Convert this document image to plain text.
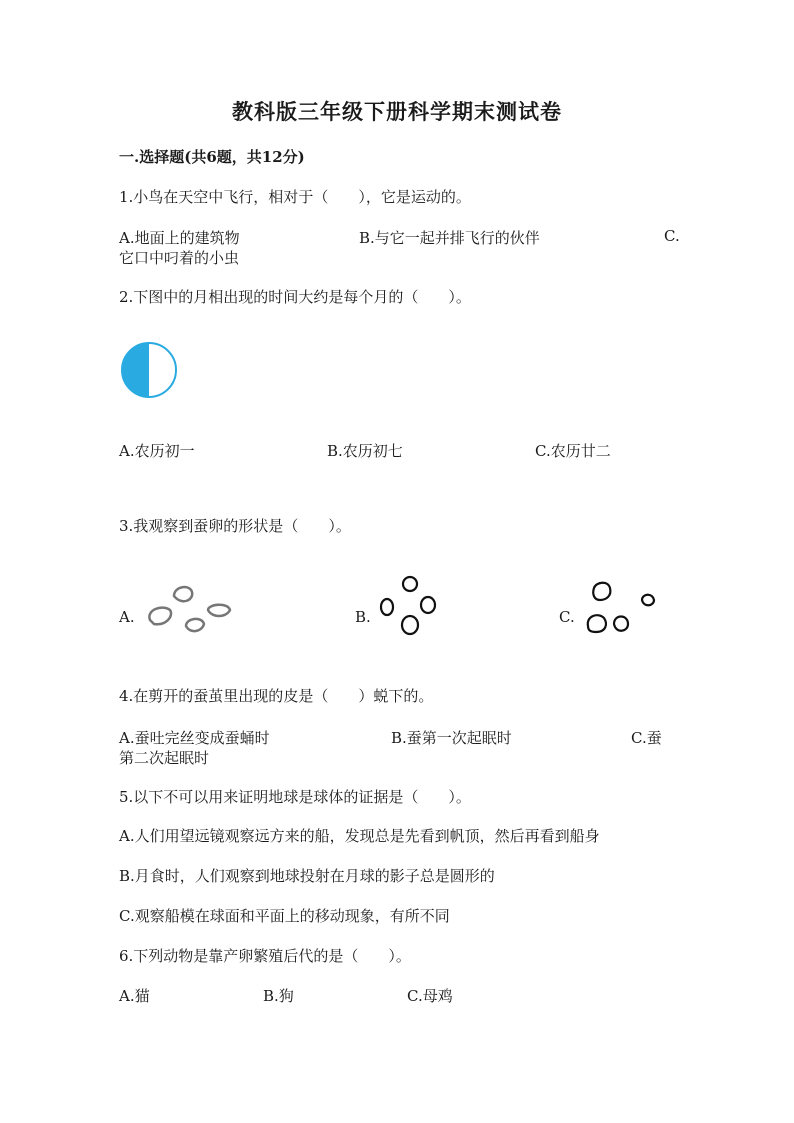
教科版三年级下册科学期末测试卷
一.选择题(共6题，共12分)
1.小鸟在天空中飞行，相对于（　　），它是运动的。
A.地面上的建筑物	B.与它一起并排飞行的伙伴	C.
它口中叼着的小虫
2.下图中的月相出现的时间大约是每个月的（　　）。
A.农历初一	B.农历初七	C.农历廿二
3.我观察到蚕卵的形状是（　　）。
A.	B.	C.
4.在剪开的蚕茧里出现的皮是（　　）蜕下的。
A.蚕吐完丝变成蚕蛹时	B.蚕第一次起眠时	C.蚕
第二次起眠时
5.以下不可以用来证明地球是球体的证据是（　　）。
A.人们用望远镜观察远方来的船，发现总是先看到帆顶，然后再看到船身
B.月食时，人们观察到地球投射在月球的影子总是圆形的
C.观察船模在球面和平面上的移动现象，有所不同
6.下列动物是靠产卵繁殖后代的是（　　）。
A.猫	B.狗	C.母鸡
